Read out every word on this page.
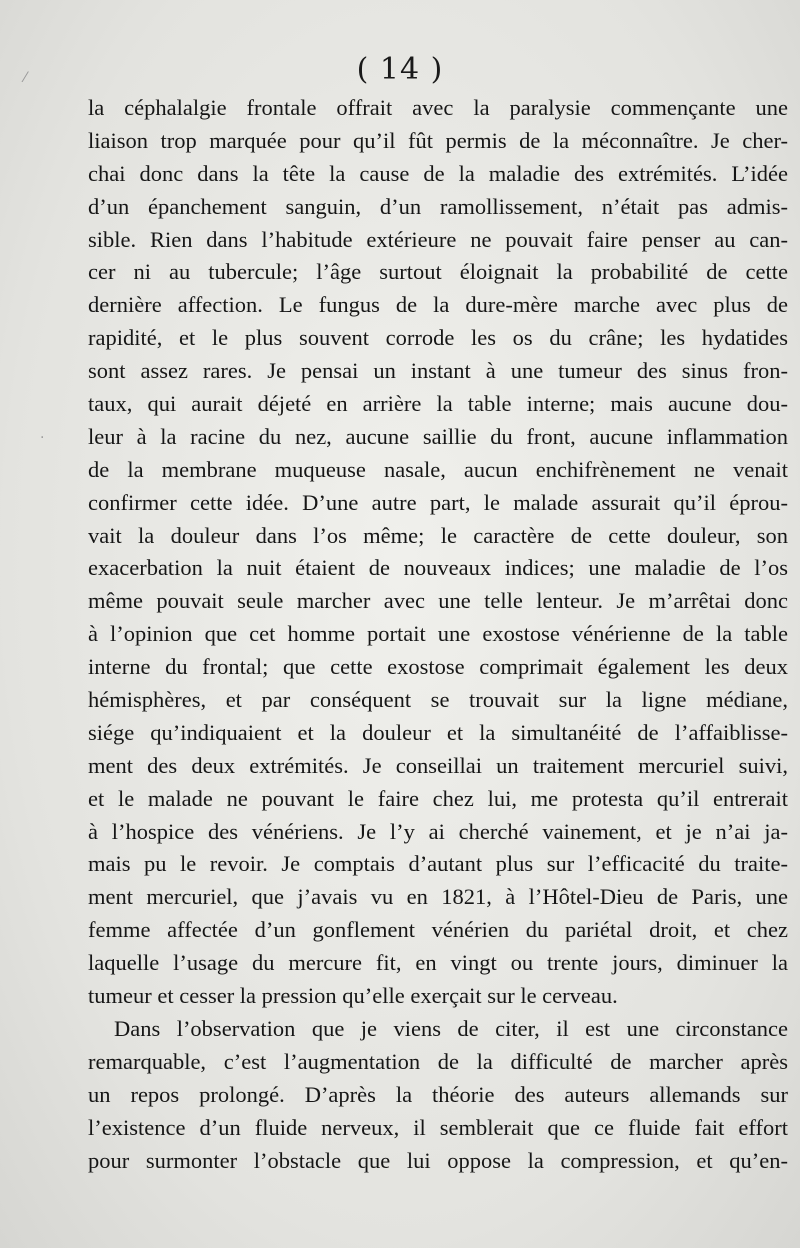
⁄
·
( 14 )
la céphalalgie frontale offrait avec la paralysie commençante une
liaison trop marquée pour qu’il fût permis de la méconnaître. Je cher-
chai donc dans la tête la cause de la maladie des extrémités. L’idée
d’un épanchement sanguin, d’un ramollissement, n’était pas admis-
sible. Rien dans l’habitude extérieure ne pouvait faire penser au can-
cer ni au tubercule; l’âge surtout éloignait la probabilité de cette
dernière affection. Le fungus de la dure-mère marche avec plus de
rapidité, et le plus souvent corrode les os du crâne; les hydatides
sont assez rares. Je pensai un instant à une tumeur des sinus fron-
taux, qui aurait déjeté en arrière la table interne; mais aucune dou-
leur à la racine du nez, aucune saillie du front, aucune inflammation
de la membrane muqueuse nasale, aucun enchifrènement ne venait
confirmer cette idée. D’une autre part, le malade assurait qu’il éprou-
vait la douleur dans l’os même; le caractère de cette douleur, son
exacerbation la nuit étaient de nouveaux indices; une maladie de l’os
même pouvait seule marcher avec une telle lenteur. Je m’arrêtai donc
à l’opinion que cet homme portait une exostose vénérienne de la table
interne du frontal; que cette exostose comprimait également les deux
hémisphères, et par conséquent se trouvait sur la ligne médiane,
siége qu’indiquaient et la douleur et la simultanéité de l’affaiblisse-
ment des deux extrémités. Je conseillai un traitement mercuriel suivi,
et le malade ne pouvant le faire chez lui, me protesta qu’il entrerait
à l’hospice des vénériens. Je l’y ai cherché vainement, et je n’ai ja-
mais pu le revoir. Je comptais d’autant plus sur l’efficacité du traite-
ment mercuriel, que j’avais vu en 1821, à l’Hôtel-Dieu de Paris, une
femme affectée d’un gonflement vénérien du pariétal droit, et chez
laquelle l’usage du mercure fit, en vingt ou trente jours, diminuer la
tumeur et cesser la pression qu’elle exerçait sur le cerveau.
Dans l’observation que je viens de citer, il est une circonstance
remarquable, c’est l’augmentation de la difficulté de marcher après
un repos prolongé. D’après la théorie des auteurs allemands sur
l’existence d’un fluide nerveux, il semblerait que ce fluide fait effort
pour surmonter l’obstacle que lui oppose la compression, et qu’en-
